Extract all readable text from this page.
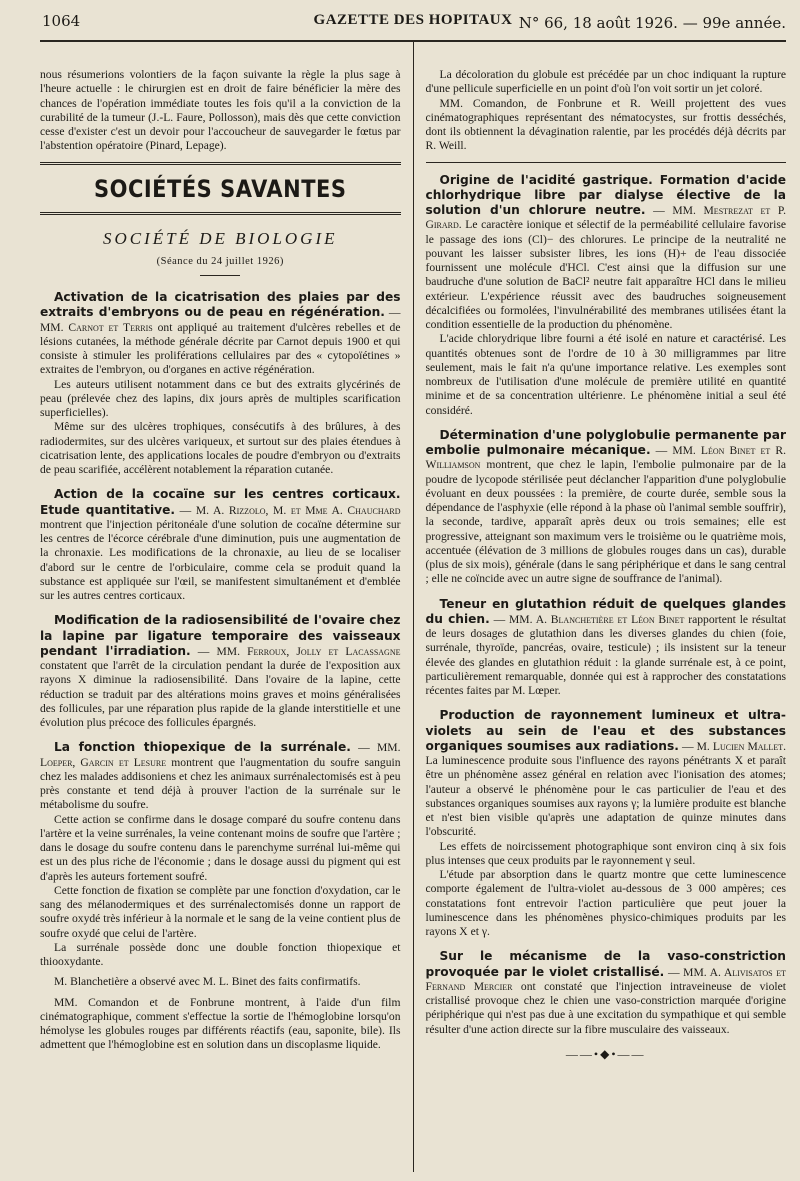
1064	GAZETTE DES HOPITAUX N° 66, 18 août 1926. — 99e année.

nous résumerions volontiers de la façon suivante la règle la plus sage à l'heure actuelle : le chirurgien est en droit de faire bénéficier la mère des chances de l'opération immédiate toutes les fois qu'il a la conviction de la curabilité de la tumeur (J.-L. Faure, Pollosson), mais dès que cette conviction cesse d'exister c'est un devoir pour l'accoucheur de sauvegarder le fœtus par l'abstention opératoire (Pinard, Lepage).

SOCIÉTÉS SAVANTES
SOCIÉTÉ DE BIOLOGIE
(Séance du 24 juillet 1926)

Activation de la cicatrisation des plaies par des extraits d'embryons ou de peau en régénération. — MM. Carnot et Terris ont appliqué au traitement d'ulcères rebelles et de lésions cutanées, la méthode générale décrite par Carnot depuis 1900 et qui consiste à stimuler les proliférations cellulaires par des « cytopoïétines » extraites de l'embryon, ou d'organes en active régénération.

Les auteurs utilisent notamment dans ce but des extraits glycérinés de peau (prélevée chez des lapins, dix jours après de multiples scarification superficielles).

Même sur des ulcères trophiques, consécutifs à des brûlures, à des radiodermites, sur des ulcères variqueux, et surtout sur des plaies étendues à cicatrisation lente, des applications locales de poudre d'embryon ou d'extraits de peau scarifiée, accélèrent notablement la réparation cutanée.

Action de la cocaïne sur les centres corticaux. Etude quantitative. — M. A. Rizzolo, M. et Mme A. Chauchard montrent que l'injection péritonéale d'une solution de cocaïne détermine sur les centres de l'écorce cérébrale d'une diminution, puis une augmentation de la chronaxie. Les modifications de la chronaxie, au lieu de se localiser d'abord sur le centre de l'orbiculaire, comme cela se produit quand la substance est appliquée sur l'œil, se manifestent simultanément et d'emblée sur les autres centres corticaux.

Modification de la radiosensibilité de l'ovaire chez la lapine par ligature temporaire des vaisseaux pendant l'irradiation. — MM. Ferroux, Jolly et Lacassagne constatent que l'arrêt de la circulation pendant la durée de l'exposition aux rayons X diminue la radiosensibilité. Dans l'ovaire de la lapine, cette réduction se traduit par des altérations moins graves et moins généralisées des follicules, par une réparation plus rapide de la glande interstitielle et une évolution plus précoce des follicules épargnés.

La fonction thiopexique de la surrénale. — MM. Loeper, Garcin et Lesure montrent que l'augmentation du soufre sanguin chez les malades addisoniens et chez les animaux surrénalectomisés est à peu près constante et tend déjà à prouver l'action de la surrénale sur le métabolisme du soufre.

Cette action se confirme dans le dosage comparé du soufre contenu dans l'artère et la veine surrénales, la veine contenant moins de soufre que l'artère ; dans le dosage du soufre contenu dans le parenchyme surrénal lui-même qui est un des plus riche de l'économie ; dans le dosage aussi du pigment qui est d'après les auteurs fortement soufré.

Cette fonction de fixation se complète par une fonction d'oxydation, car le sang des mélanodermiques et des surrénalectomisés donne un rapport de soufre oxydé très inférieur à la normale et le sang de la veine contient plus de soufre oxydé que celui de l'artère.

La surrénale possède donc une double fonction thiopexique et thiooxydante.

M. Blanchetière a observé avec M. L. Binet des faits confirmatifs.

MM. Comandon et de Fonbrune montrent, à l'aide d'un film cinématographique, comment s'effectue la sortie de l'hémoglobine lorsqu'on hémolyse les globules rouges par différents réactifs (eau, saponite, bile). Ils admettent que l'hémoglobine est en solution dans un discoplasme liquide.

La décoloration du globule est précédée par un choc indiquant la rupture d'une pellicule superficielle en un point d'où l'on voit sortir un jet coloré.

MM. Comandon, de Fonbrune et R. Weill projettent des vues cinématographiques représentant des nématocystes, sur frottis desséchés, dont ils obtiennent la dévagination ralentie, par les procédés déjà décrits par R. Weill.

Origine de l'acidité gastrique. Formation d'acide chlorhydrique libre par dialyse élective de la solution d'un chlorure neutre. — MM. Mestrezat et P. Girard. Le caractère ionique et sélectif de la perméabilité cellulaire favorise le passage des ions (Cl)− des chlorures. Le principe de la neutralité ne pouvant les laisser subsister libres, les ions (H)+ de l'eau dissociée fournissent une molécule d'HCl. C'est ainsi que la diffusion sur une baudruche d'une solution de BaCl² neutre fait apparaître HCl dans le milieu extérieur. L'expérience réussit avec des baudruches soigneusement décalcifiées ou formolées, l'invulnérabilité des membranes utilisées étant la condition essentielle de la production du phénomène.

L'acide chlorydrique libre fourni a été isolé en nature et caractérisé. Les quantités obtenues sont de l'ordre de 10 à 30 milligrammes par litre seulement, mais le fait n'a qu'une importance relative. Les exemples sont nombreux de l'utilisation d'une molécule de première utilité en quantité minime et de sa concentration ultérienre. Le phénomène initial a seul été considéré.

Détermination d'une polyglobulie permanente par embolie pulmonaire mécanique. — MM. Léon Binet et R. Williamson montrent, que chez le lapin, l'embolie pulmonaire par de la poudre de lycopode stérilisée peut déclancher l'apparition d'une polyglobulie évoluant en deux poussées : la première, de courte durée, semble sous la dépendance de l'asphyxie (elle répond à la phase où l'animal semble souffrir), la seconde, tardive, apparaît après deux ou trois semaines; elle est progressive, atteignant son maximum vers le troisième ou le quatrième mois, accentuée (élévation de 3 millions de globules rouges dans un cas), durable (plus de six mois), générale (dans le sang périphérique et dans le sang central ; elle ne coïncide avec un autre signe de souffrance de l'animal).

Teneur en glutathion réduit de quelques glandes du chien. — MM. A. Blanchetière et Léon Binet rapportent le résultat de leurs dosages de glutathion dans les diverses glandes du chien (foie, surrénale, thyroïde, pancréas, ovaire, testicule) ; ils insistent sur la teneur élevée des glandes en glutathion réduit : la glande surrénale est, à ce point, particulièrement remarquable, donnée qui est à rapprocher des constatations récentes faites par M. Lœper.

Production de rayonnement lumineux et ultra-violets au sein de l'eau et des substances organiques soumises aux radiations. — M. Lucien Mallet. La luminescence produite sous l'influence des rayons pénétrants X et paraît être un phénomène assez général en relation avec l'ionisation des atomes; l'auteur a observé le phénomène pour le cas particulier de l'eau et des substances organiques soumises aux rayons γ; la lumière produite est blanche et n'est bien visible qu'après une adaptation de quinze minutes dans l'obscurité.

Les effets de noircissement photographique sont environ cinq à six fois plus intenses que ceux produits par le rayonnement γ seul.

L'étude par absorption dans le quartz montre que cette luminescence comporte également de l'ultra-violet au-dessous de 3 000 ampères; ces constatations font entrevoir l'action particulière que peut jouer la luminescence dans les phénomènes physico-chimiques produits par les rayons X et γ.

Sur le mécanisme de la vaso-constriction provoquée par le violet cristallisé. — MM. A. Alivisatos et Fernand Mercier ont constaté que l'injection intraveineuse de violet cristallisé provoque chez le chien une vaso-constriction marquée d'origine périphérique qui n'est pas due à une excitation du sympathique et qui semble résulter d'une action directe sur la fibre musculaire des vaisseaux.

——•◆•——
